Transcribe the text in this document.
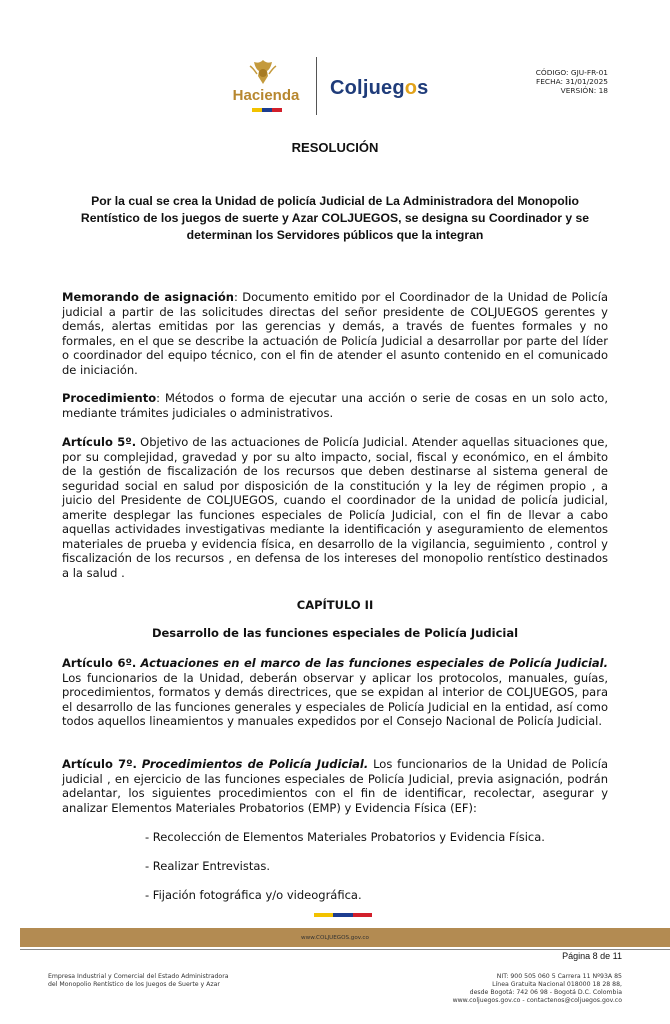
Hacienda	Coljuegos
CÓDIGO: GJU-FR-01
FECHA: 31/01/2025
VERSIÓN: 18
RESOLUCIÓN
Por la cual se crea la Unidad de policía Judicial de La Administradora del Monopolio Rentístico de los juegos de suerte y Azar COLJUEGOS, se designa su Coordinador y se determinan los Servidores públicos que la integran
Memorando de asignación: Documento emitido por el Coordinador de la Unidad de Policía judicial a partir de las solicitudes directas del señor presidente de COLJUEGOS gerentes y demás, alertas emitidas por las gerencias y demás, a través de fuentes formales y no formales, en el que se describe la actuación de Policía Judicial a desarrollar por parte del líder o coordinador del equipo técnico, con el fin de atender el asunto contenido en el comunicado de iniciación.
Procedimiento: Métodos o forma de ejecutar una acción o serie de cosas en un solo acto, mediante trámites judiciales o administrativos.
Artículo 5º. Objetivo de las actuaciones de Policía Judicial. Atender aquellas situaciones que, por su complejidad, gravedad y por su alto impacto, social, fiscal y económico, en el ámbito de la gestión de fiscalización de los recursos que deben destinarse al sistema general de seguridad social en salud por disposición de la constitución y la ley de régimen propio , a juicio del Presidente de COLJUEGOS, cuando el coordinador de la unidad de policía judicial, amerite desplegar las funciones especiales de Policía Judicial, con el fin de llevar a cabo aquellas actividades investigativas mediante la identificación y aseguramiento de elementos materiales de prueba y evidencia física, en desarrollo de la vigilancia, seguimiento , control y fiscalización de los recursos , en defensa de los intereses del monopolio rentístico destinados a la salud .
CAPÍTULO II
Desarrollo de las funciones especiales de Policía Judicial
Artículo 6º. Actuaciones en el marco de las funciones especiales de Policía Judicial. Los funcionarios de la Unidad, deberán observar y aplicar los protocolos, manuales, guías, procedimientos, formatos y demás directrices, que se expidan al interior de COLJUEGOS, para el desarrollo de las funciones generales y especiales de Policía Judicial en la entidad, así como todos aquellos lineamientos y manuales expedidos por el Consejo Nacional de Policía Judicial.
Artículo 7º. Procedimientos de Policía Judicial. Los funcionarios de la Unidad de Policía judicial , en ejercicio de las funciones especiales de Policía Judicial, previa asignación, podrán adelantar, los siguientes procedimientos con el fin de identificar, recolectar, asegurar y analizar Elementos Materiales Probatorios (EMP) y Evidencia Física (EF):
- Recolección de Elementos Materiales Probatorios y Evidencia Física.
- Realizar Entrevistas.
- Fijación fotográfica y/o videográfica.
www.COLJUEGOS.gov.co
Página 8 de 11
Empresa Industrial y Comercial del Estado Administradora
del Monopolio Rentístico de los Juegos de Suerte y Azar
NIT: 900 505 060 5 Carrera 11 Nº93A 85
Línea Gratuita Nacional 018000 18 28 88,
desde Bogotá: 742 06 98 - Bogotá D.C. Colombia
www.coljuegos.gov.co - contactenos@coljuegos.gov.co
